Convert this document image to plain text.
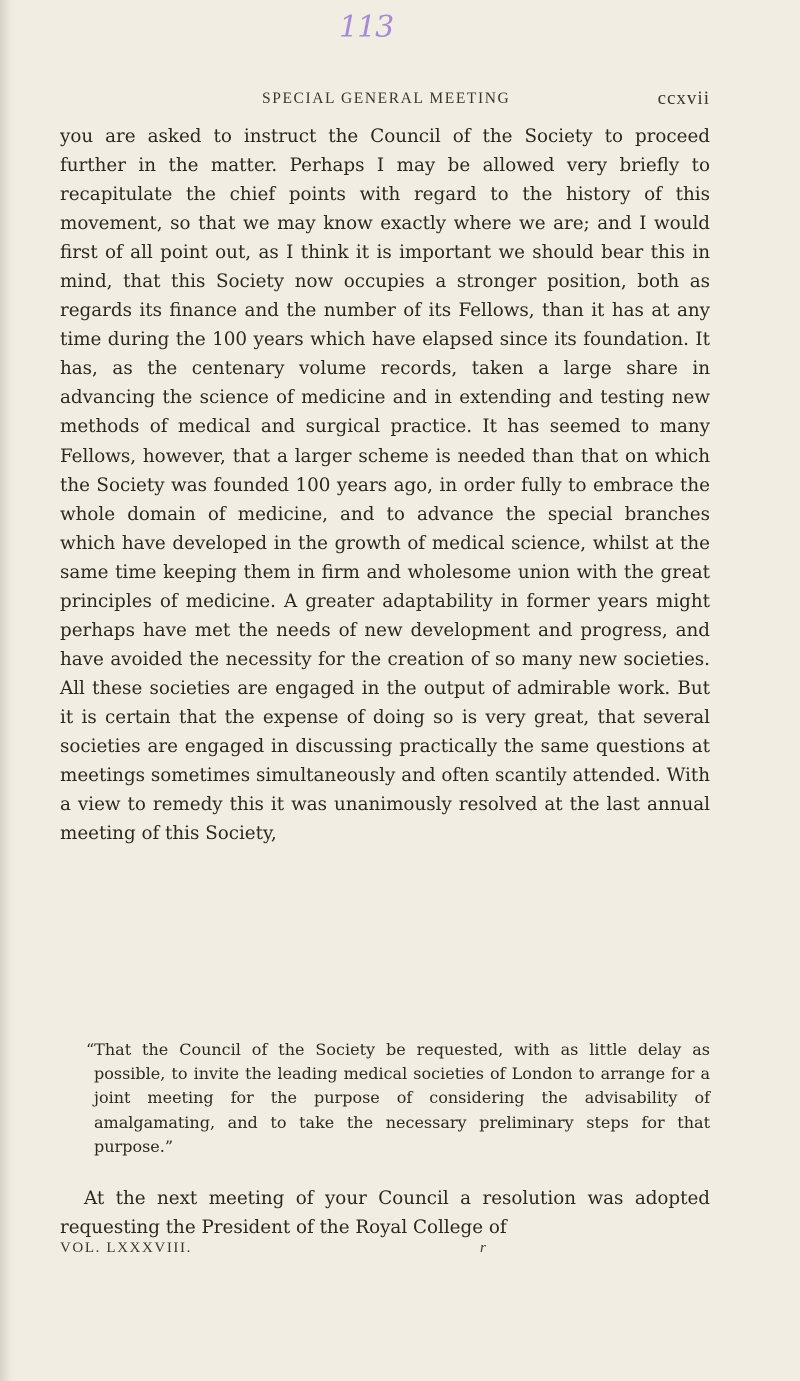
113
SPECIAL GENERAL MEETING	ccxvii

you are asked to instruct the Council of the Society to proceed further in the matter. Perhaps I may be allowed very briefly to recapitulate the chief points with regard to the history of this movement, so that we may know exactly where we are; and I would first of all point out, as I think it is important we should bear this in mind, that this Society now occupies a stronger position, both as regards its finance and the number of its Fellows, than it has at any time during the 100 years which have elapsed since its foundation. It has, as the centenary volume records, taken a large share in advancing the science of medicine and in extending and testing new methods of medical and surgical practice. It has seemed to many Fellows, however, that a larger scheme is needed than that on which the Society was founded 100 years ago, in order fully to embrace the whole domain of medicine, and to advance the special branches which have developed in the growth of medical science, whilst at the same time keeping them in firm and wholesome union with the great principles of medicine. A greater adaptability in former years might perhaps have met the needs of new development and progress, and have avoided the necessity for the creation of so many new societies. All these societies are engaged in the output of admirable work. But it is certain that the expense of doing so is very great, that several societies are engaged in discussing practically the same questions at meetings sometimes simultaneously and often scantily attended. With a view to remedy this it was unanimously resolved at the last annual meeting of this Society,

“That the Council of the Society be requested, with as little delay as possible, to invite the leading medical societies of London to arrange for a joint meeting for the purpose of considering the advisability of amalgamating, and to take the necessary preliminary steps for that purpose.”

At the next meeting of your Council a resolution was adopted requesting the President of the Royal College of

VOL. LXXXVIII.	r
